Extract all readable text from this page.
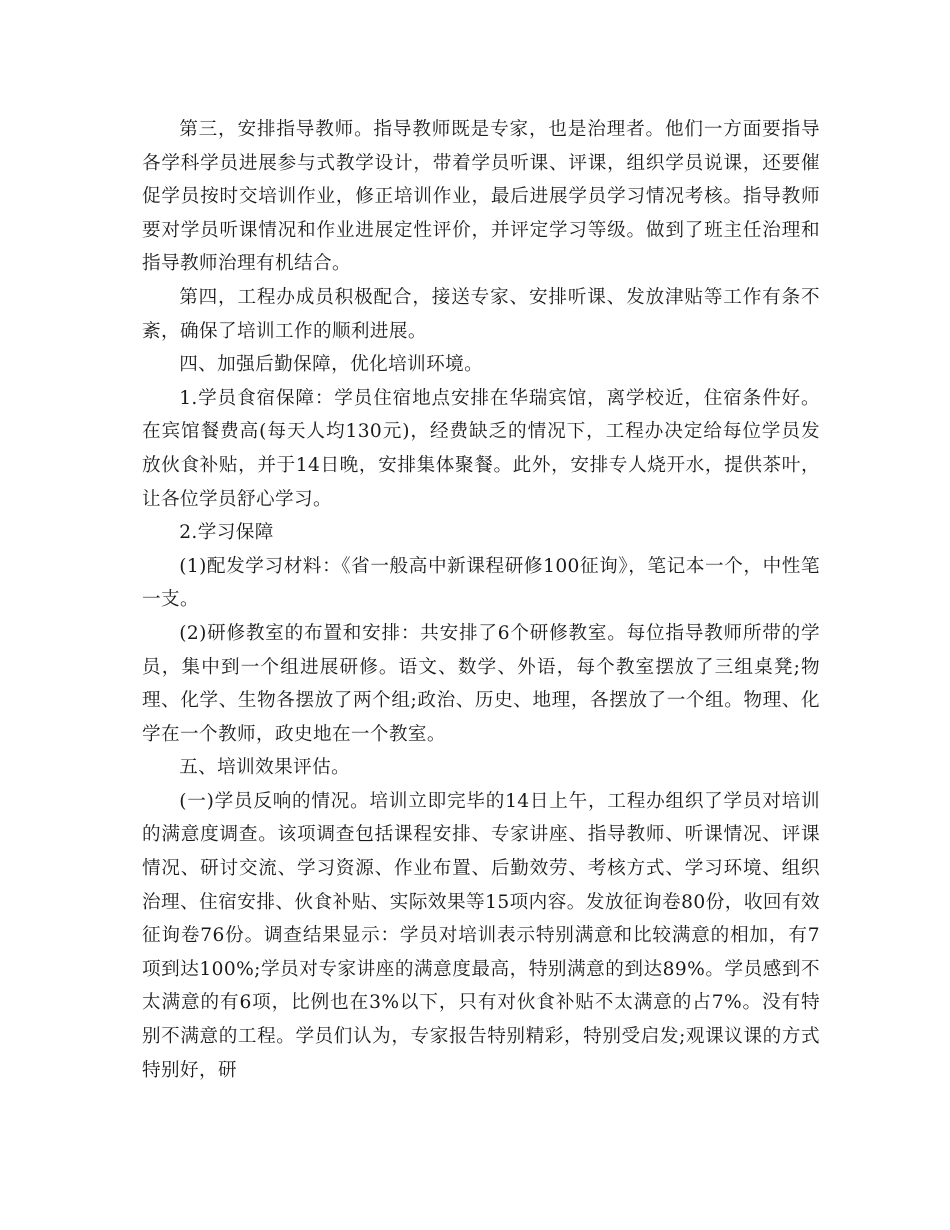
第三，安排指导教师。指导教师既是专家，也是治理者。他们一方面要指导各学科学员进展参与式教学设计，带着学员听课、评课，组织学员说课，还要催促学员按时交培训作业，修正培训作业，最后进展学员学习情况考核。指导教师要对学员听课情况和作业进展定性评价，并评定学习等级。做到了班主任治理和指导教师治理有机结合。

第四，工程办成员积极配合，接送专家、安排听课、发放津贴等工作有条不紊，确保了培训工作的顺利进展。

四、加强后勤保障，优化培训环境。

1.学员食宿保障：学员住宿地点安排在华瑞宾馆，离学校近，住宿条件好。在宾馆餐费高(每天人均130元)，经费缺乏的情况下，工程办决定给每位学员发放伙食补贴，并于14日晚，安排集体聚餐。此外，安排专人烧开水，提供茶叶，让各位学员舒心学习。

2.学习保障

(1)配发学习材料：《省一般高中新课程研修100征询》，笔记本一个，中性笔一支。

(2)研修教室的布置和安排：共安排了6个研修教室。每位指导教师所带的学员，集中到一个组进展研修。语文、数学、外语，每个教室摆放了三组桌凳;物理、化学、生物各摆放了两个组;政治、历史、地理，各摆放了一个组。物理、化学在一个教师，政史地在一个教室。

五、培训效果评估。

(一)学员反响的情况。培训立即完毕的14日上午，工程办组织了学员对培训的满意度调查。该项调查包括课程安排、专家讲座、指导教师、听课情况、评课情况、研讨交流、学习资源、作业布置、后勤效劳、考核方式、学习环境、组织治理、住宿安排、伙食补贴、实际效果等15项内容。发放征询卷80份，收回有效征询卷76份。调查结果显示：学员对培训表示特别满意和比较满意的相加，有7项到达100%;学员对专家讲座的满意度最高，特别满意的到达89%。学员感到不太满意的有6项，比例也在3%以下，只有对伙食补贴不太满意的占7%。没有特别不满意的工程。学员们认为，专家报告特别精彩，特别受启发;观课议课的方式特别好，研
